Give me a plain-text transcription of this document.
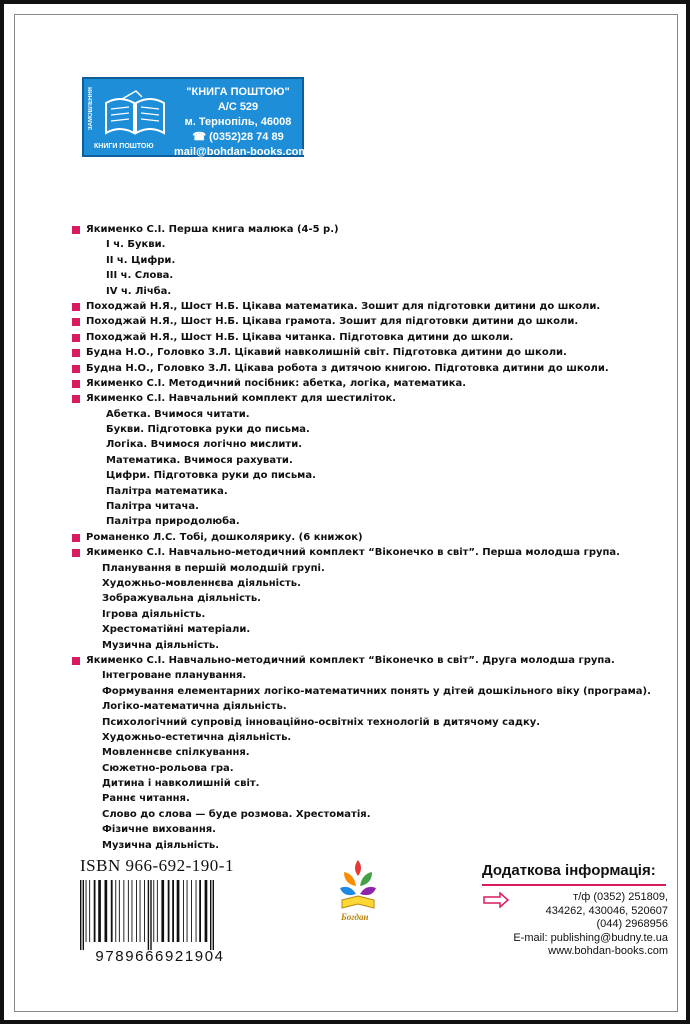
ЗАМОВЛЕННЯ
КНИГИ ПОШТОЮ
"КНИГА ПОШТОЮ"
А/С 529
м. Тернопіль, 46008
☎ (0352)28 74 89
mail@bohdan-books.com
Якименко С.І. Перша книга малюка (4-5 р.)
І ч. Букви.
ІІ ч. Цифри.
ІІІ ч. Слова.
IV ч. Лічба.
Походжай Н.Я., Шост Н.Б. Цікава математика. Зошит для підготовки дитини до школи.
Походжай Н.Я., Шост Н.Б. Цікава грамота. Зошит для підготовки дитини до школи.
Походжай Н.Я., Шост Н.Б. Цікава читанка. Підготовка дитини до школи.
Будна Н.О., Головко З.Л. Цікавий навколишній світ. Підготовка дитини до школи.
Будна Н.О., Головко З.Л. Цікава робота з дитячою книгою. Підготовка дитини до школи.
Якименко С.І. Методичний посібник: абетка, логіка, математика.
Якименко С.І. Навчальний комплект для шестиліток.
Абетка. Вчимося читати.
Букви. Підготовка руки до письма.
Логіка. Вчимося логічно мислити.
Математика. Вчимося рахувати.
Цифри. Підготовка руки до письма.
Палітра математика.
Палітра читача.
Палітра природолюба.
Романенко Л.С. Тобі, дошколярику. (6 книжок)
Якименко С.І. Навчально-методичний комплект “Віконечко в світ”. Перша молодша група.
Планування в першій молодшій групі.
Художньо-мовленнєва діяльність.
Зображувальна діяльність.
Ігрова діяльність.
Хрестоматійні матеріали.
Музична діяльність.
Якименко С.І. Навчально-методичний комплект “Віконечко в світ”. Друга молодша група.
Інтегроване планування.
Формування елементарних логіко-математичних понять у дітей дошкільного віку (програма).
Логіко-математична діяльність.
Психологічний супровід інноваційно-освітніх технологій в дитячому садку.
Художньо-естетична діяльність.
Мовленнєве спілкування.
Сюжетно-рольова гра.
Дитина і навколишній світ.
Раннє читання.
Слово до слова — буде розмова. Хрестоматія.
Фізичне виховання.
Музична діяльність.
ISBN 966-692-190-1
9789666921904
Богдан
Додаткова інформація:
т/ф (0352) 251809,
434262, 430046, 520607
(044) 2968956
E-mail: publishing@budny.te.ua
www.bohdan-books.com
